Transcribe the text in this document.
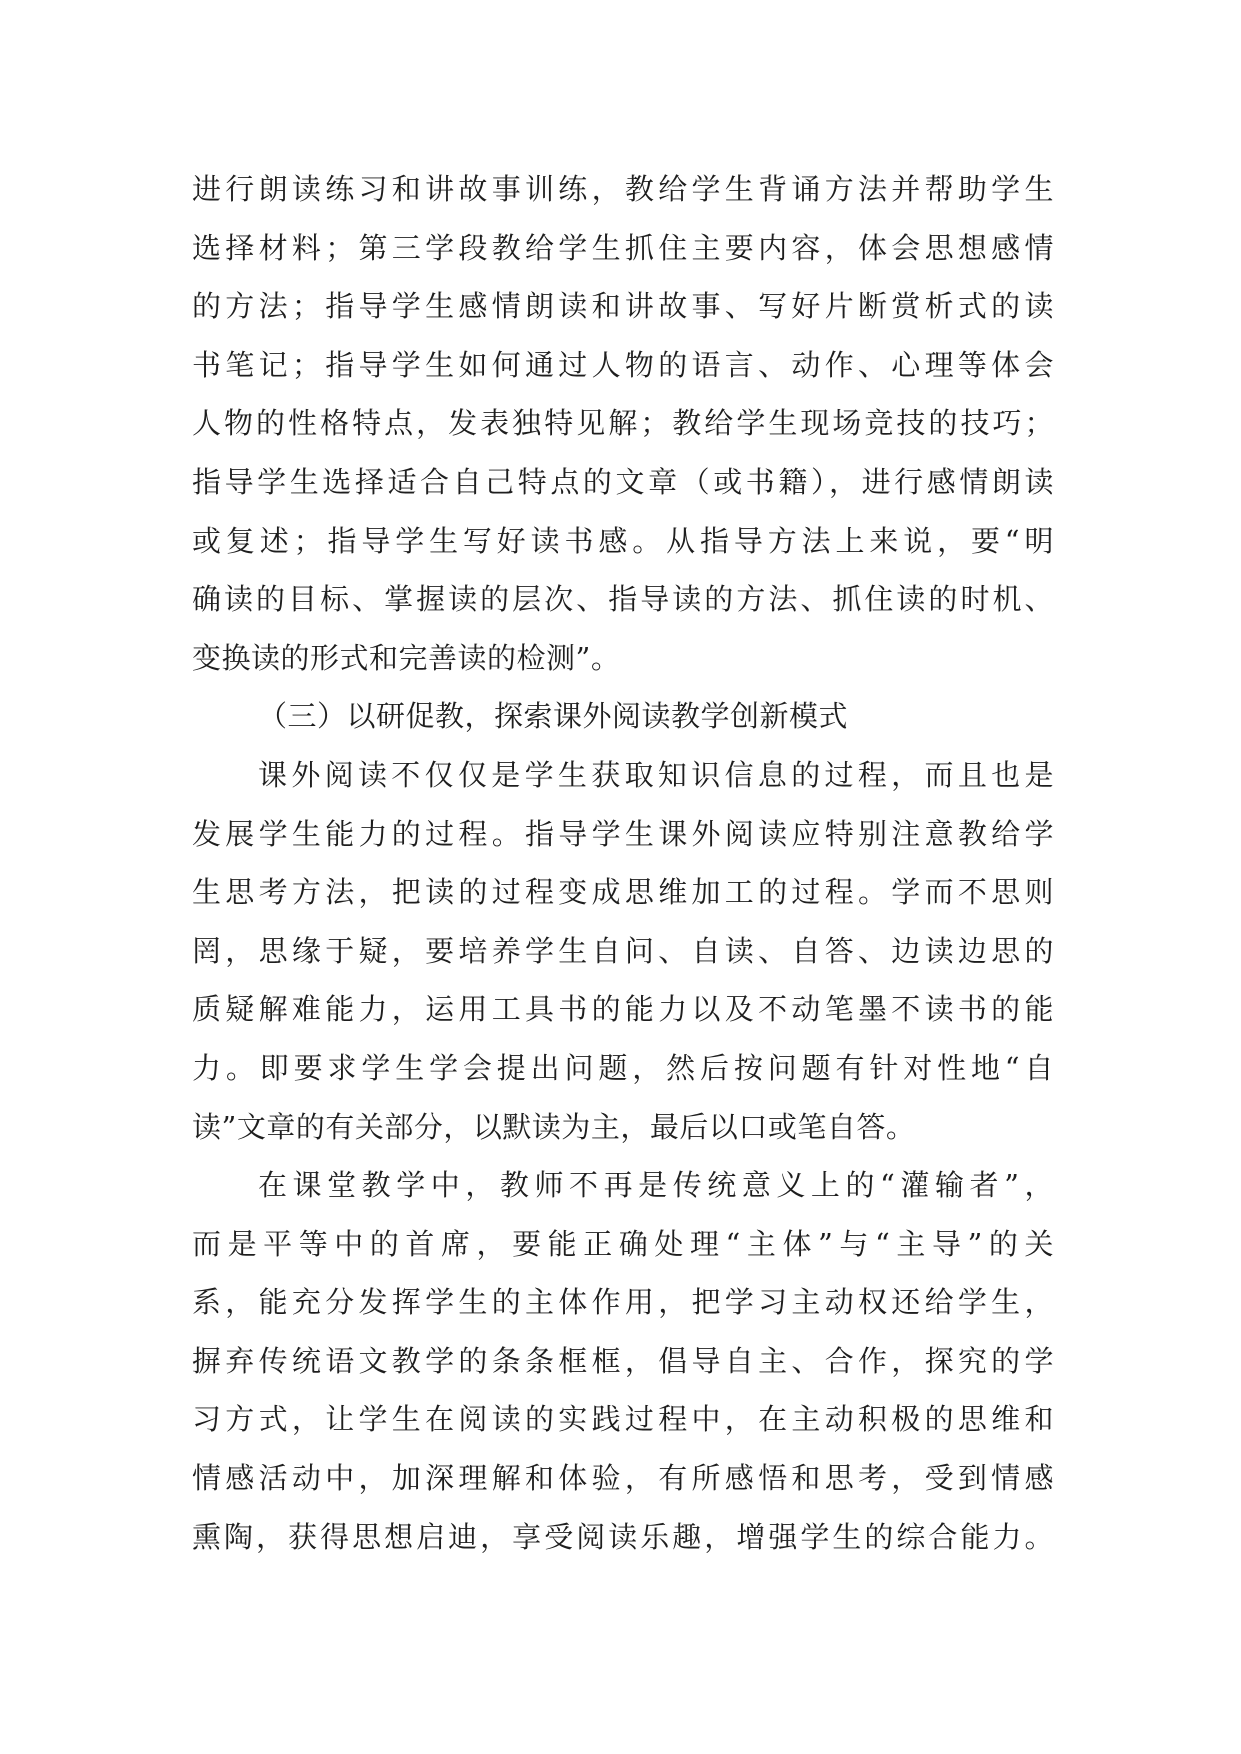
进行朗读练习和讲故事训练，教给学生背诵方法并帮助学生
选择材料；第三学段教给学生抓住主要内容，体会思想感情
的方法；指导学生感情朗读和讲故事、写好片断赏析式的读
书笔记；指导学生如何通过人物的语言、动作、心理等体会
人物的性格特点，发表独特见解；教给学生现场竞技的技巧；
指导学生选择适合自己特点的文章（或书籍），进行感情朗读
或复述；指导学生写好读书感。从指导方法上来说，要“明
确读的目标、掌握读的层次、指导读的方法、抓住读的时机、
变换读的形式和完善读的检测”。
（三）以研促教，探索课外阅读教学创新模式
课外阅读不仅仅是学生获取知识信息的过程，而且也是
发展学生能力的过程。指导学生课外阅读应特别注意教给学
生思考方法，把读的过程变成思维加工的过程。学而不思则
罔，思缘于疑，要培养学生自问、自读、自答、边读边思的
质疑解难能力，运用工具书的能力以及不动笔墨不读书的能
力。即要求学生学会提出问题，然后按问题有针对性地“自
读”文章的有关部分，以默读为主，最后以口或笔自答。
在课堂教学中，教师不再是传统意义上的“灌输者”，
而是平等中的首席，要能正确处理“主体”与“主导”的关
系，能充分发挥学生的主体作用，把学习主动权还给学生，
摒弃传统语文教学的条条框框，倡导自主、合作，探究的学
习方式，让学生在阅读的实践过程中，在主动积极的思维和
情感活动中，加深理解和体验，有所感悟和思考，受到情感
熏陶，获得思想启迪，享受阅读乐趣，增强学生的综合能力。
